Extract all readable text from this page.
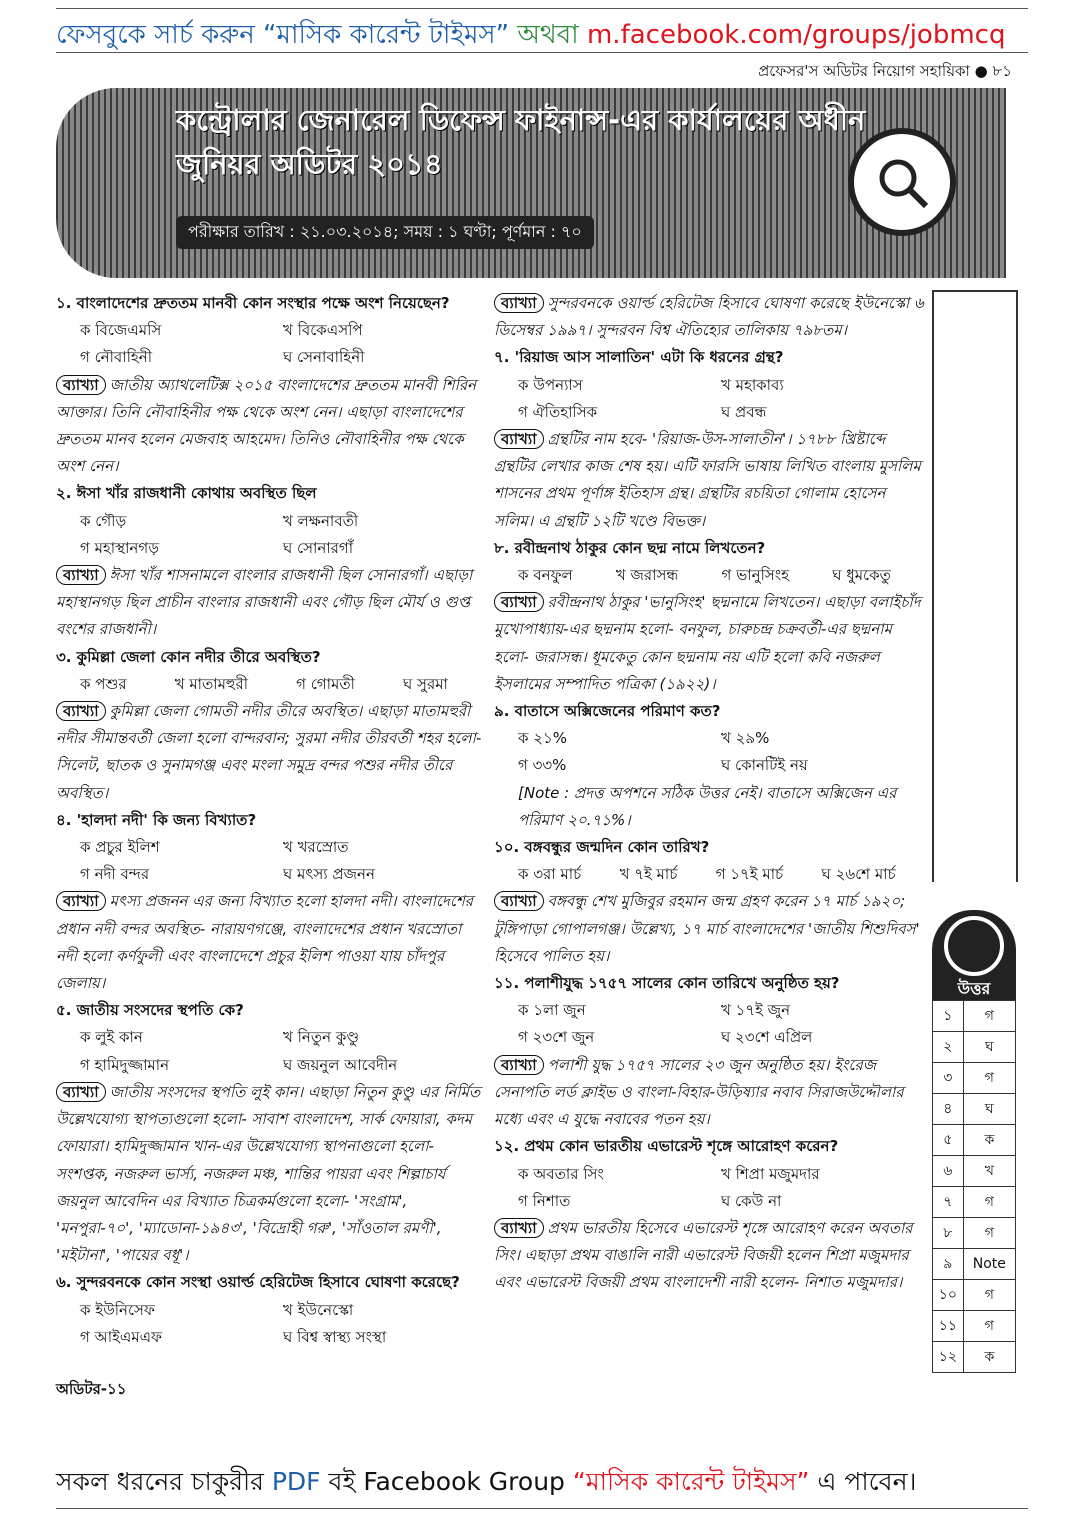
ফেসবুকে সার্চ করুন “মাসিক কারেন্ট টাইমস” অথবা m.facebook.com/groups/jobmcq
প্রফেসর'স অডিটর নিয়োগ সহায়িকা ● ৮১
কন্ট্রোলার জেনারেল ডিফেন্স ফাইনান্স-এর কার্যালয়ের অধীন জুনিয়র অডিটর ২০১৪
পরীক্ষার তারিখ : ২১.০৩.২০১৪; সময় : ১ ঘণ্টা; পূর্ণমান : ৭০
১. বাংলাদেশের দ্রুততম মানবী কোন সংস্থার পক্ষে অংশ নিয়েছেন?
ক বিজেএমসি	খ বিকেএসপি
গ নৌবাহিনী	ঘ সেনাবাহিনী
ব্যাখ্যা জাতীয় অ্যাথলেটিক্স ২০১৫ বাংলাদেশের দ্রুততম মানবী শিরিন আক্তার। তিনি নৌবাহিনীর পক্ষ থেকে অংশ নেন। এছাড়া বাংলাদেশের দ্রুততম মানব হলেন মেজবাহ আহমেদ। তিনিও নৌবাহিনীর পক্ষ থেকে অংশ নেন।
২. ঈসা খাঁর রাজধানী কোথায় অবস্থিত ছিল
ক গৌড়	খ লক্ষনাবতী
গ মহাস্থানগড়	ঘ সোনারগাঁ
ব্যাখ্যা ঈসা খাঁর শাসনামলে বাংলার রাজধানী ছিল সোনারগাঁ। এছাড়া মহাস্থানগড় ছিল প্রাচীন বাংলার রাজধানী এবং গৌড় ছিল মৌর্য ও গুপ্ত বংশের রাজধানী।
৩. কুমিল্লা জেলা কোন নদীর তীরে অবস্থিত?
ক পশুর	খ মাতামহুরী	গ গোমতী	ঘ সুরমা
ব্যাখ্যা কুমিল্লা জেলা গোমতী নদীর তীরে অবস্থিত। এছাড়া মাতামহুরী নদীর সীমান্তবর্তী জেলা হলো বান্দরবান; সুরমা নদীর তীরবর্তী শহর হলো- সিলেট, ছাতক ও সুনামগঞ্জ এবং মংলা সমুদ্র বন্দর পশুর নদীর তীরে অবস্থিত।
৪. 'হালদা নদী' কি জন্য বিখ্যাত?
ক প্রচুর ইলিশ	খ খরস্রোত
গ নদী বন্দর	ঘ মৎস্য প্রজনন
ব্যাখ্যা মৎস্য প্রজনন এর জন্য বিখ্যাত হলো হালদা নদী। বাংলাদেশের প্রধান নদী বন্দর অবস্থিত- নারায়ণগঞ্জে, বাংলাদেশের প্রধান খরস্রোতা নদী হলো কর্ণফুলী এবং বাংলাদেশে প্রচুর ইলিশ পাওয়া যায় চাঁদপুর জেলায়।
৫. জাতীয় সংসদের স্থপতি কে?
ক লুই কান	খ নিতুন কুণ্ডু
গ হামিদুজ্জামান	ঘ জয়নুল আবেদীন
ব্যাখ্যা জাতীয় সংসদের স্থপতি লুই কান। এছাড়া নিতুন কুণ্ডু এর নির্মিত উল্লেখযোগ্য স্থাপত্যগুলো হলো- সাবাশ বাংলাদেশ, সার্ক ফোয়ারা, কদম ফোয়ারা। হামিদুজ্জামান খান-এর উল্লেখযোগ্য স্থাপনাগুলো হলো- সংশপ্তক, নজরুল ভার্স্য, নজরুল মঞ্চ, শান্তির পায়রা এবং শিল্পাচার্য জয়নুল আবেদিন এর বিখ্যাত চিত্রকর্মগুলো হলো- 'সংগ্রাম', 'মনপুরা-৭০', 'ম্যাডোনা-১৯৪৩', 'বিদ্রোহী গরু', 'সাঁওতাল রমণী', 'মইটানা', 'পায়ের বধূ'।
৬. সুন্দরবনকে কোন সংস্থা ওয়ার্ল্ড হেরিটেজ হিসাবে ঘোষণা করেছে?
ক ইউনিসেফ	খ ইউনেস্কো
গ আইএমএফ	ঘ বিশ্ব স্বাস্থ্য সংস্থা
ব্যাখ্যা সুন্দরবনকে ওয়ার্ল্ড হেরিটেজ হিসাবে ঘোষণা করেছে ইউনেস্কো ৬ ডিসেম্বর ১৯৯৭। সুন্দরবন বিশ্ব ঐতিহ্যের তালিকায় ৭৯৮তম।
৭. 'রিয়াজ আস সালাতিন' এটা কি ধরনের গ্রন্থ?
ক উপন্যাস	খ মহাকাব্য
গ ঐতিহাসিক	ঘ প্রবন্ধ
ব্যাখ্যা গ্রন্থটির নাম হবে- 'রিয়াজ-উস-সালাতীন'। ১৭৮৮ খ্রিষ্টাব্দে গ্রন্থটির লেখার কাজ শেষ হয়। এটি ফারসি ভাষায় লিখিত বাংলায় মুসলিম শাসনের প্রথম পূর্ণাঙ্গ ইতিহাস গ্রন্থ। গ্রন্থটির রচয়িতা গোলাম হোসেন সলিম। এ গ্রন্থটি ১২টি খণ্ডে বিভক্ত।
৮. রবীন্দ্রনাথ ঠাকুর কোন ছদ্ম নামে লিখতেন?
ক বনফুল	খ জরাসন্ধ	গ ভানুসিংহ	ঘ ধুমকেতু
ব্যাখ্যা রবীন্দ্রনাথ ঠাকুর 'ভানুসিংহ' ছদ্মনামে লিখতেন। এছাড়া বলাইচাঁদ মুখোপাধ্যায়-এর ছদ্মনাম হলো- বনফুল, চারুচন্দ্র চক্রবর্তী-এর ছদ্মনাম হলো- জরাসন্ধ। ধূমকেতু কোন ছদ্মনাম নয় এটি হলো কবি নজরুল ইসলামের সম্পাদিত পত্রিকা (১৯২২)।
৯. বাতাসে অক্সিজেনের পরিমাণ কত?
ক ২১%	খ ২৯%
গ ৩৩%	ঘ কোনটিই নয়
[Note : প্রদত্ত অপশনে সঠিক উত্তর নেই। বাতাসে অক্সিজেন এর পরিমাণ ২০.৭১%।
১০. বঙ্গবন্ধুর জন্মদিন কোন তারিখ?
ক ৩রা মার্চ	খ ৭ই মার্চ	গ ১৭ই মার্চ	ঘ ২৬শে মার্চ
ব্যাখ্যা বঙ্গবন্ধু শেখ মুজিবুর রহমান জন্ম গ্রহণ করেন ১৭ মার্চ ১৯২০; টুঙ্গিপাড়া গোপালগঞ্জ। উল্লেখ্য, ১৭ মার্চ বাংলাদেশের 'জাতীয় শিশুদিবস' হিসেবে পালিত হয়।
১১. পলাশীযুদ্ধ ১৭৫৭ সালের কোন তারিখে অনুষ্ঠিত হয়?
ক ১লা জুন	খ ১৭ই জুন
গ ২৩শে জুন	ঘ ২৩শে এপ্রিল
ব্যাখ্যা পলাশী যুদ্ধ ১৭৫৭ সালের ২৩ জুন অনুষ্ঠিত হয়। ইংরেজ সেনাপতি লর্ড ক্লাইভ ও বাংলা-বিহার-উড়িষ্যার নবাব সিরাজউদ্দৌলার মধ্যে এবং এ যুদ্ধে নবাবের পতন হয়।
১২. প্রথম কোন ভারতীয় এভারেস্ট শৃঙ্গে আরোহণ করেন?
ক অবতার সিং	খ শিপ্রা মজুমদার
গ নিশাত	ঘ কেউ না
ব্যাখ্যা প্রথম ভারতীয় হিসেবে এভারেস্ট শৃঙ্গে আরোহণ করেন অবতার সিং। এছাড়া প্রথম বাঙালি নারী এভারেস্ট বিজয়ী হলেন শিপ্রা মজুমদার এবং এভারেস্ট বিজয়ী প্রথম বাংলাদেশী নারী হলেন- নিশাত মজুমদার।
উত্তর
১	গ
২	ঘ
৩	গ
৪	ঘ
৫	ক
৬	খ
৭	গ
৮	গ
৯	Note
১০	গ
১১	গ
১২	ক
অডিটর-১১
সকল ধরনের চাকুরীর PDF বই Facebook Group “মাসিক কারেন্ট টাইমস” এ পাবেন।
